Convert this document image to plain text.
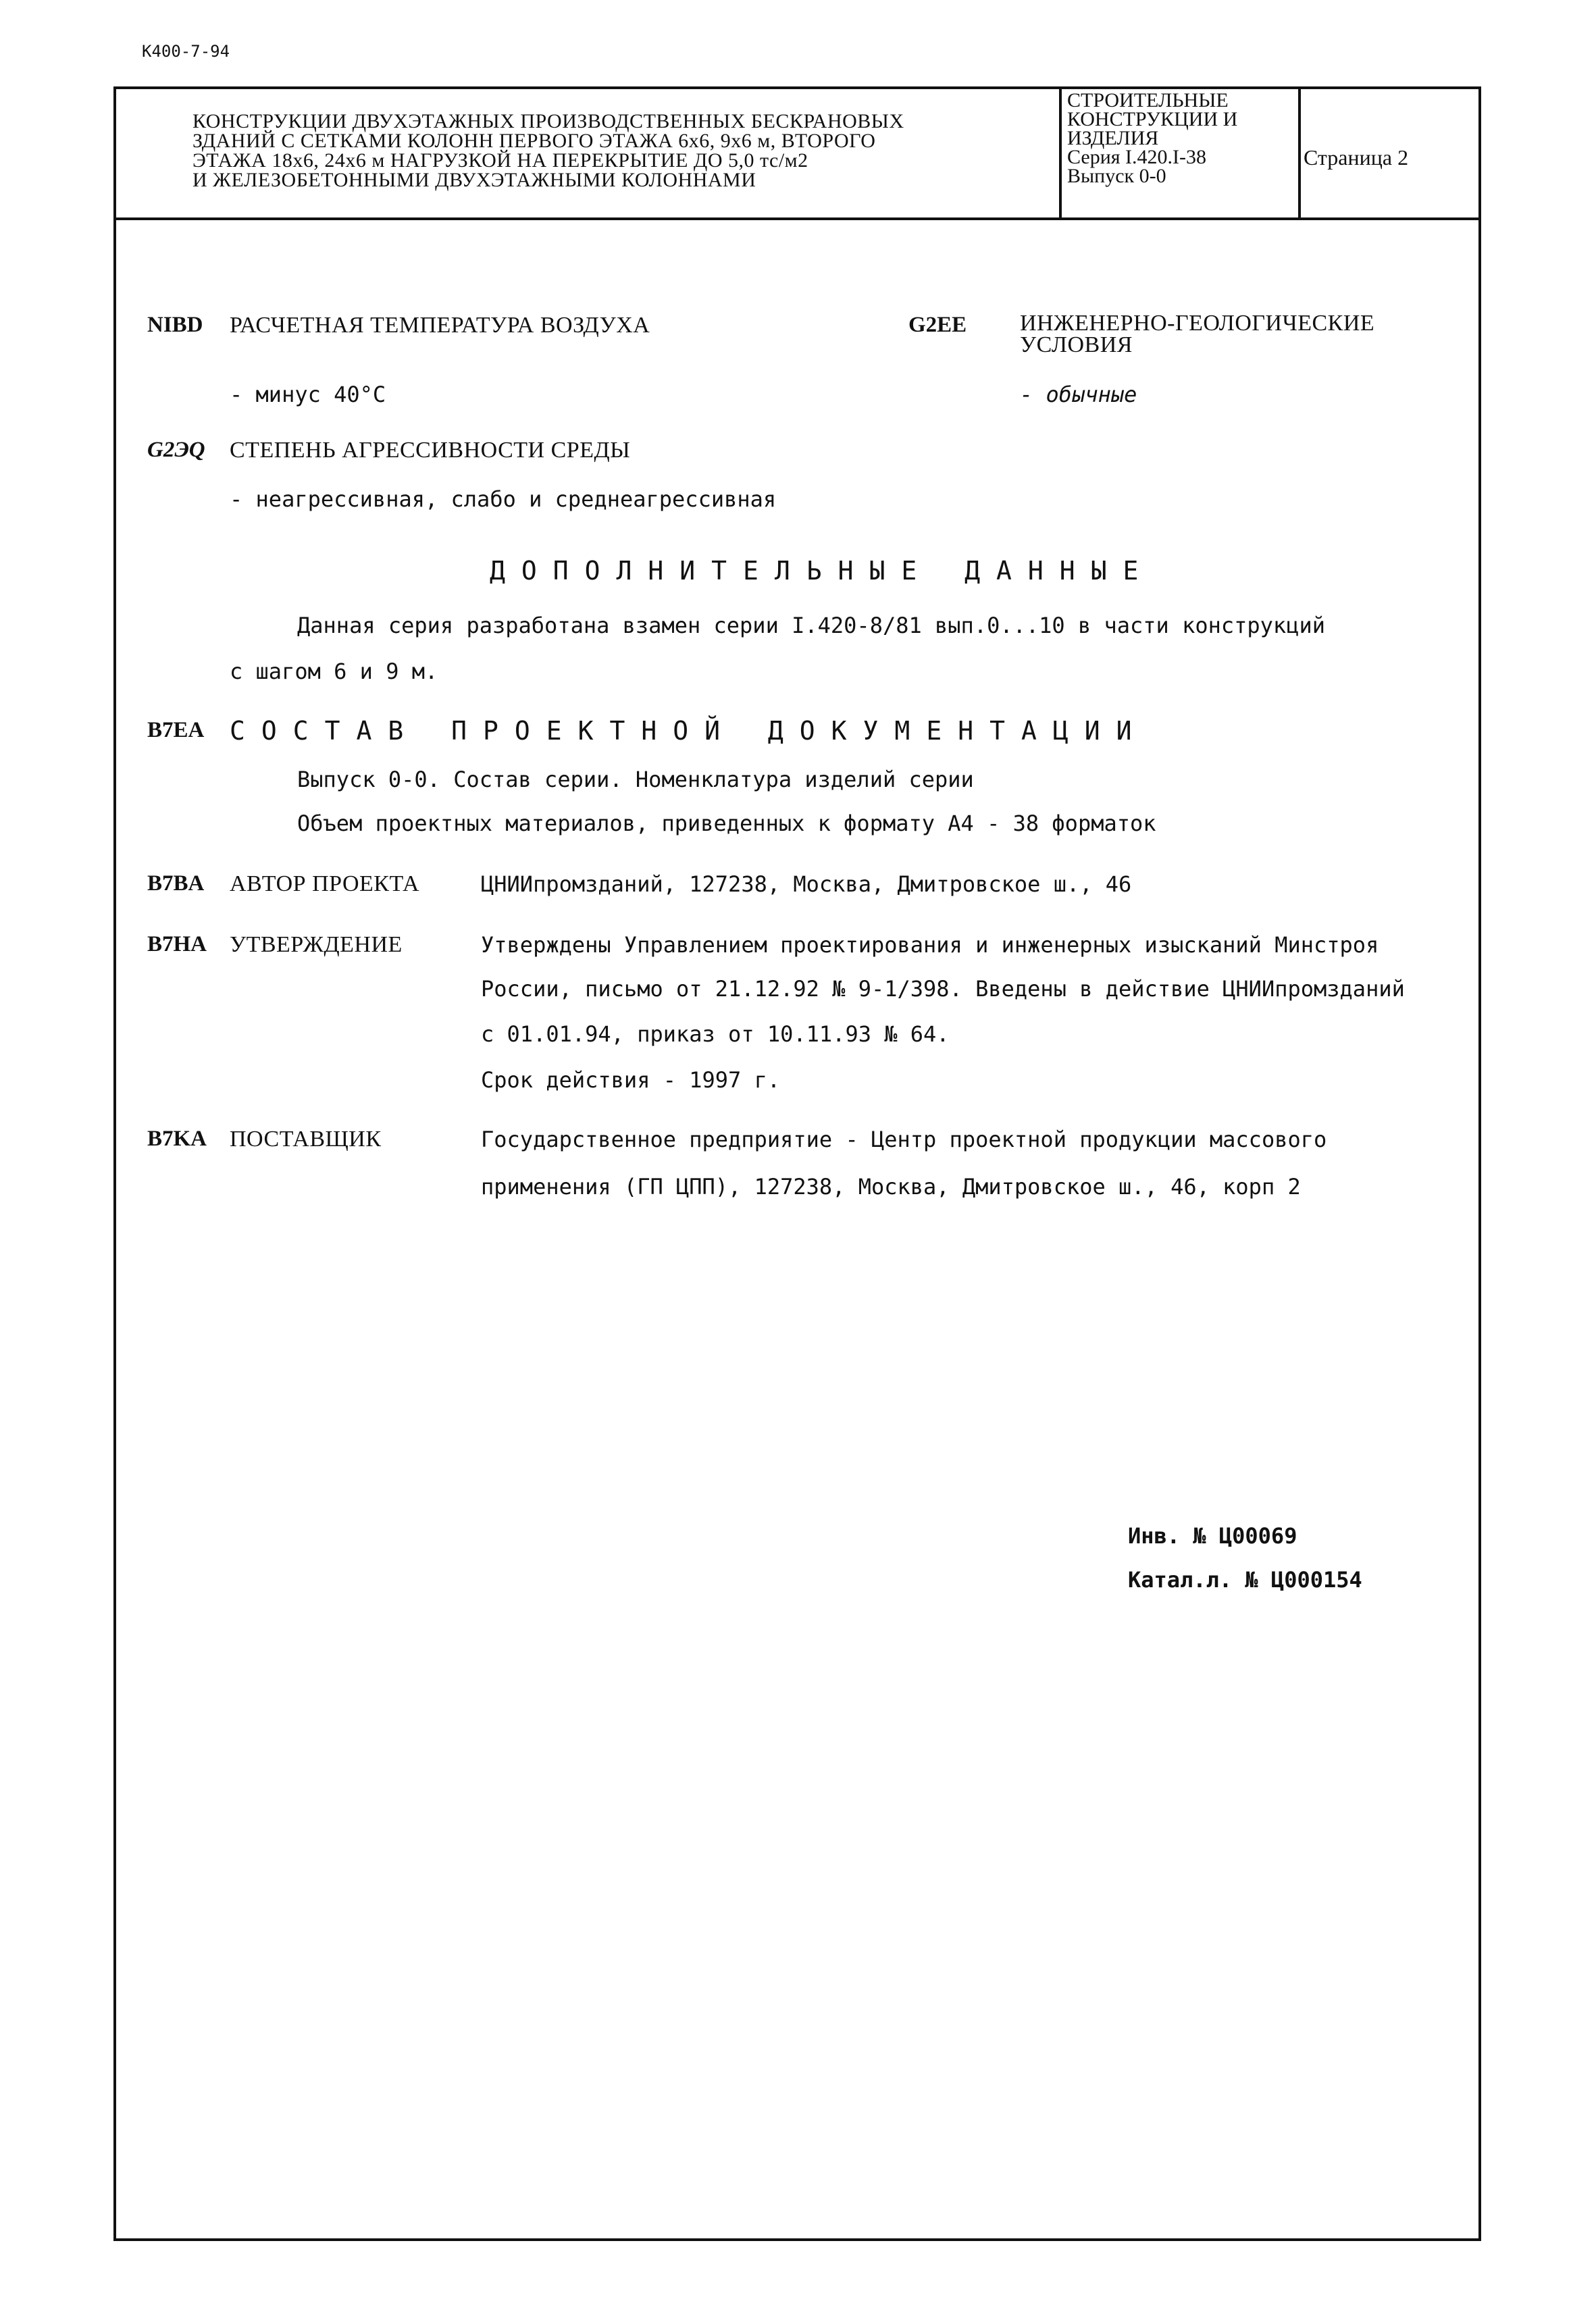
К400-7-94
КОНСТРУКЦИИ ДВУХЭТАЖНЫХ ПРОИЗВОДСТВЕННЫХ БЕСКРАНОВЫХ
ЗДАНИЙ С СЕТКАМИ КОЛОНН ПЕРВОГО ЭТАЖА 6х6, 9х6 м, ВТОРОГО
ЭТАЖА 18х6, 24х6 м НАГРУЗКОЙ НА ПЕРЕКРЫТИЕ ДО 5,0 тс/м2
И ЖЕЛЕЗОБЕТОННЫМИ ДВУХЭТАЖНЫМИ КОЛОННАМИ
СТРОИТЕЛЬНЫЕ
КОНСТРУКЦИИ И
ИЗДЕЛИЯ
Серия I.420.I-38
Выпуск 0-0
Страница 2
NIBD РАСЧЕТНАЯ ТЕМПЕРАТУРА ВОЗДУХА
- минус 40°С
G2EE ИНЖЕНЕРНО-ГЕОЛОГИЧЕСКИЕ
УСЛОВИЯ
- обычные
G2ЭQ СТЕПЕНЬ АГРЕССИВНОСТИ СРЕДЫ
- неагрессивная, слабо и среднеагрессивная
ДОПОЛНИТЕЛЬНЫЕ ДАННЫЕ
Данная серия разработана взамен серии I.420-8/81 вып.0...10 в части конструкций
с шагом 6 и 9 м.
B7EA СОСТАВ ПРОЕКТНОЙ ДОКУМЕНТАЦИИ
Выпуск 0-0. Состав серии. Номенклатура изделий серии
Объем проектных материалов, приведенных к формату А4 - 38 форматок
B7BA АВТОР ПРОЕКТА	ЦНИИпромзданий, 127238, Москва, Дмитровское ш., 46
B7HA УТВЕРЖДЕНИЕ	Утверждены Управлением проектирования и инженерных изысканий Минстроя
России, письмо от 21.12.92 № 9-1/398. Введены в действие ЦНИИпромзданий
с 01.01.94, приказ от 10.11.93 № 64.
Срок действия - 1997 г.
B7KA ПОСТАВЩИК	Государственное предприятие - Центр проектной продукции массового
применения (ГП ЦПП), 127238, Москва, Дмитровское ш., 46, корп 2
Инв. № Ц00069
Катал.л. № Ц000154
